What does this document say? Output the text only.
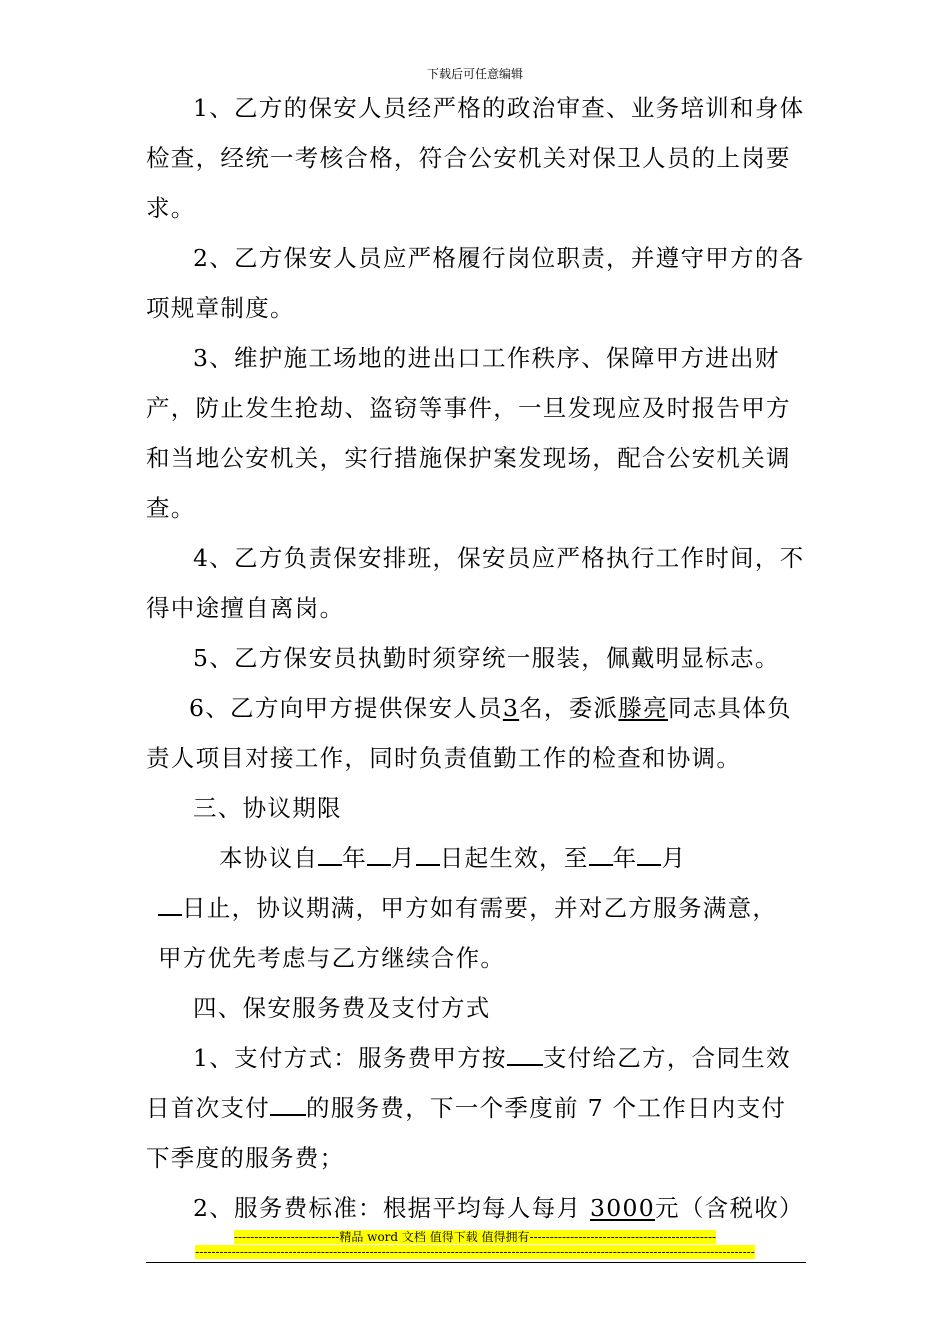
下载后可任意编辑

1、乙方的保安人员经严格的政治审查、业务培训和身体检查，经统一考核合格，符合公安机关对保卫人员的上岗要求。

2、乙方保安人员应严格履行岗位职责，并遵守甲方的各项规章制度。

3、维护施工场地的进出口工作秩序、保障甲方进出财产，防止发生抢劫、盗窃等事件，一旦发现应及时报告甲方和当地公安机关，实行措施保护案发现场，配合公安机关调查。

4、乙方负责保安排班，保安员应严格执行工作时间，不得中途擅自离岗。

5、乙方保安员执勤时须穿统一服装，佩戴明显标志。

6、乙方向甲方提供保安人员3名，委派滕亮同志具体负责人项目对接工作，同时负责值勤工作的检查和协调。

三、协议期限

本协议自 年 月 日起生效，至 年 月

日止，协议期满，甲方如有需要，并对乙方服务满意，

甲方优先考虑与乙方继续合作。

四、保安服务费及支付方式

1、支付方式：服务费甲方按 支付给乙方，合同生效日首次支付 的服务费，下一个季度前 7 个工作日内支付下季度的服务费；

2、服务费标准：根据平均每人每月 3000元（含税收）

--------------------------精品 word 文档 值得下载 值得拥有----------------------------------------------
------------------------------------------------------------------------------------------------------------------------------------------
